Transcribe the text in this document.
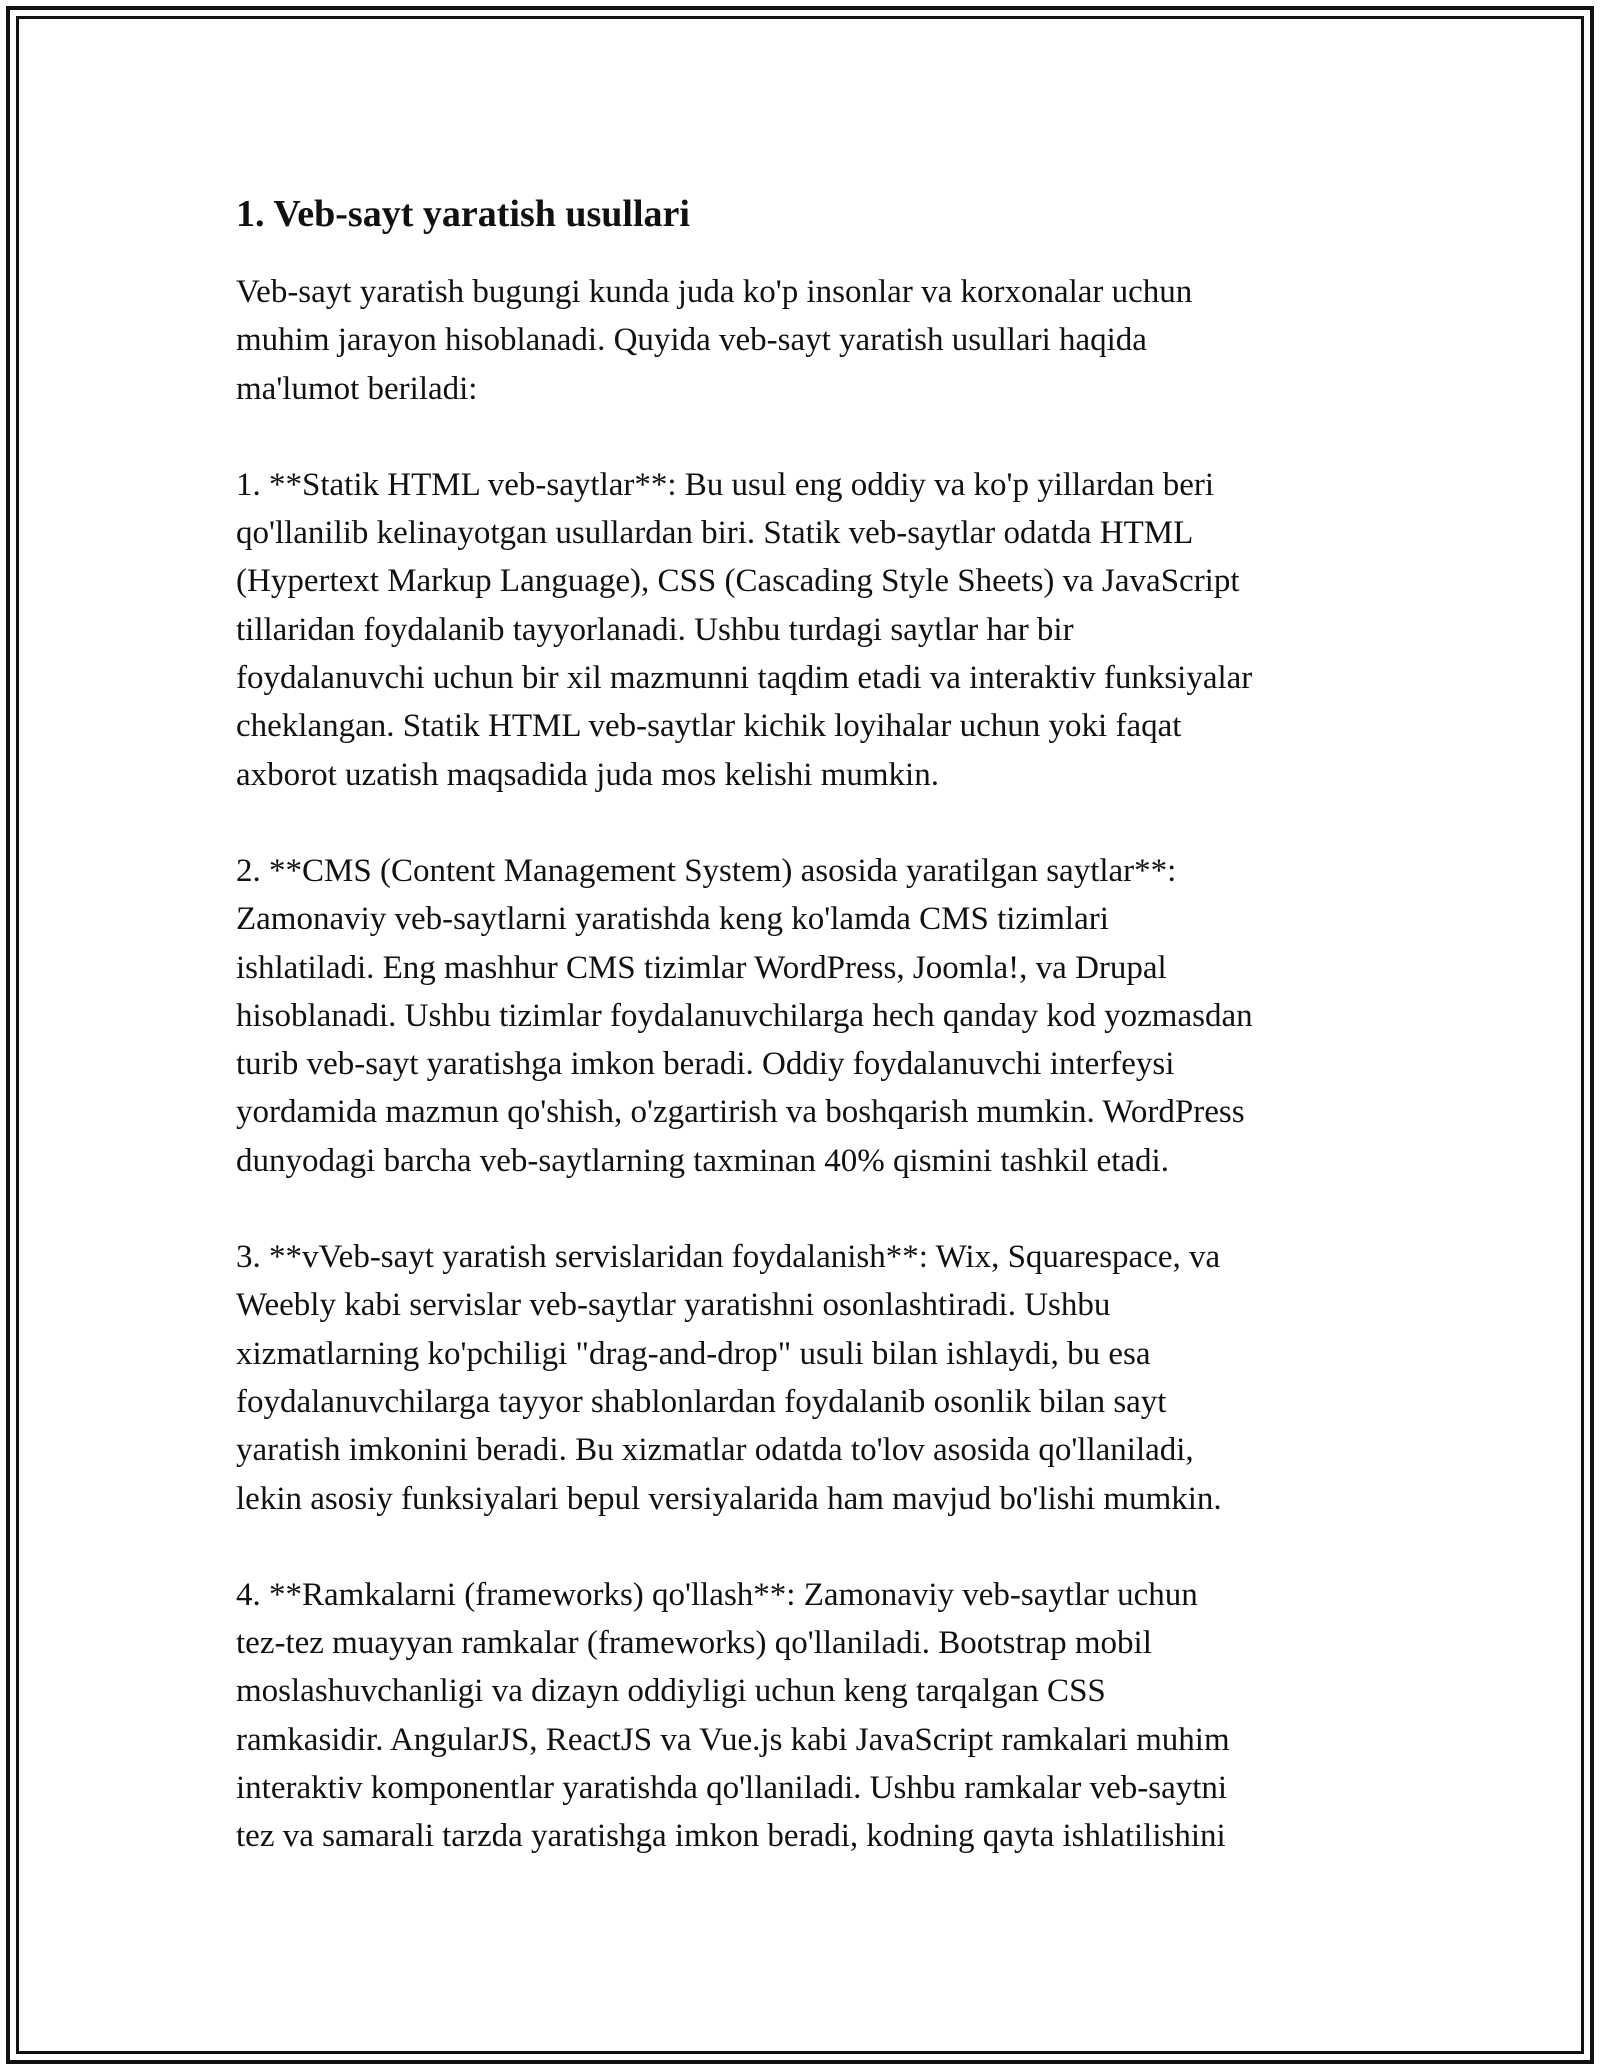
1. Veb-sayt yaratish usullari

Veb-sayt yaratish bugungi kunda juda ko'p insonlar va korxonalar uchun
muhim jarayon hisoblanadi. Quyida veb-sayt yaratish usullari haqida
ma'lumot beriladi:

1. **Statik HTML veb-saytlar**: Bu usul eng oddiy va ko'p yillardan beri
qo'llanilib kelinayotgan usullardan biri. Statik veb-saytlar odatda HTML
(Hypertext Markup Language), CSS (Cascading Style Sheets) va JavaScript
tillaridan foydalanib tayyorlanadi. Ushbu turdagi saytlar har bir
foydalanuvchi uchun bir xil mazmunni taqdim etadi va interaktiv funksiyalar
cheklangan. Statik HTML veb-saytlar kichik loyihalar uchun yoki faqat
axborot uzatish maqsadida juda mos kelishi mumkin.

2. **CMS (Content Management System) asosida yaratilgan saytlar**:
Zamonaviy veb-saytlarni yaratishda keng ko'lamda CMS tizimlari
ishlatiladi. Eng mashhur CMS tizimlar WordPress, Joomla!, va Drupal
hisoblanadi. Ushbu tizimlar foydalanuvchilarga hech qanday kod yozmasdan
turib veb-sayt yaratishga imkon beradi. Oddiy foydalanuvchi interfeysi
yordamida mazmun qo'shish, o'zgartirish va boshqarish mumkin. WordPress
dunyodagi barcha veb-saytlarning taxminan 40% qismini tashkil etadi.

3. **vVeb-sayt yaratish servislaridan foydalanish**: Wix, Squarespace, va
Weebly kabi servislar veb-saytlar yaratishni osonlashtiradi. Ushbu
xizmatlarning ko'pchiligi "drag-and-drop" usuli bilan ishlaydi, bu esa
foydalanuvchilarga tayyor shablonlardan foydalanib osonlik bilan sayt
yaratish imkonini beradi. Bu xizmatlar odatda to'lov asosida qo'llaniladi,
lekin asosiy funksiyalari bepul versiyalarida ham mavjud bo'lishi mumkin.

4. **Ramkalarni (frameworks) qo'llash**: Zamonaviy veb-saytlar uchun
tez-tez muayyan ramkalar (frameworks) qo'llaniladi. Bootstrap mobil
moslashuvchanligi va dizayn oddiyligi uchun keng tarqalgan CSS
ramkasidir. AngularJS, ReactJS va Vue.js kabi JavaScript ramkalari muhim
interaktiv komponentlar yaratishda qo'llaniladi. Ushbu ramkalar veb-saytni
tez va samarali tarzda yaratishga imkon beradi, kodning qayta ishlatilishini
